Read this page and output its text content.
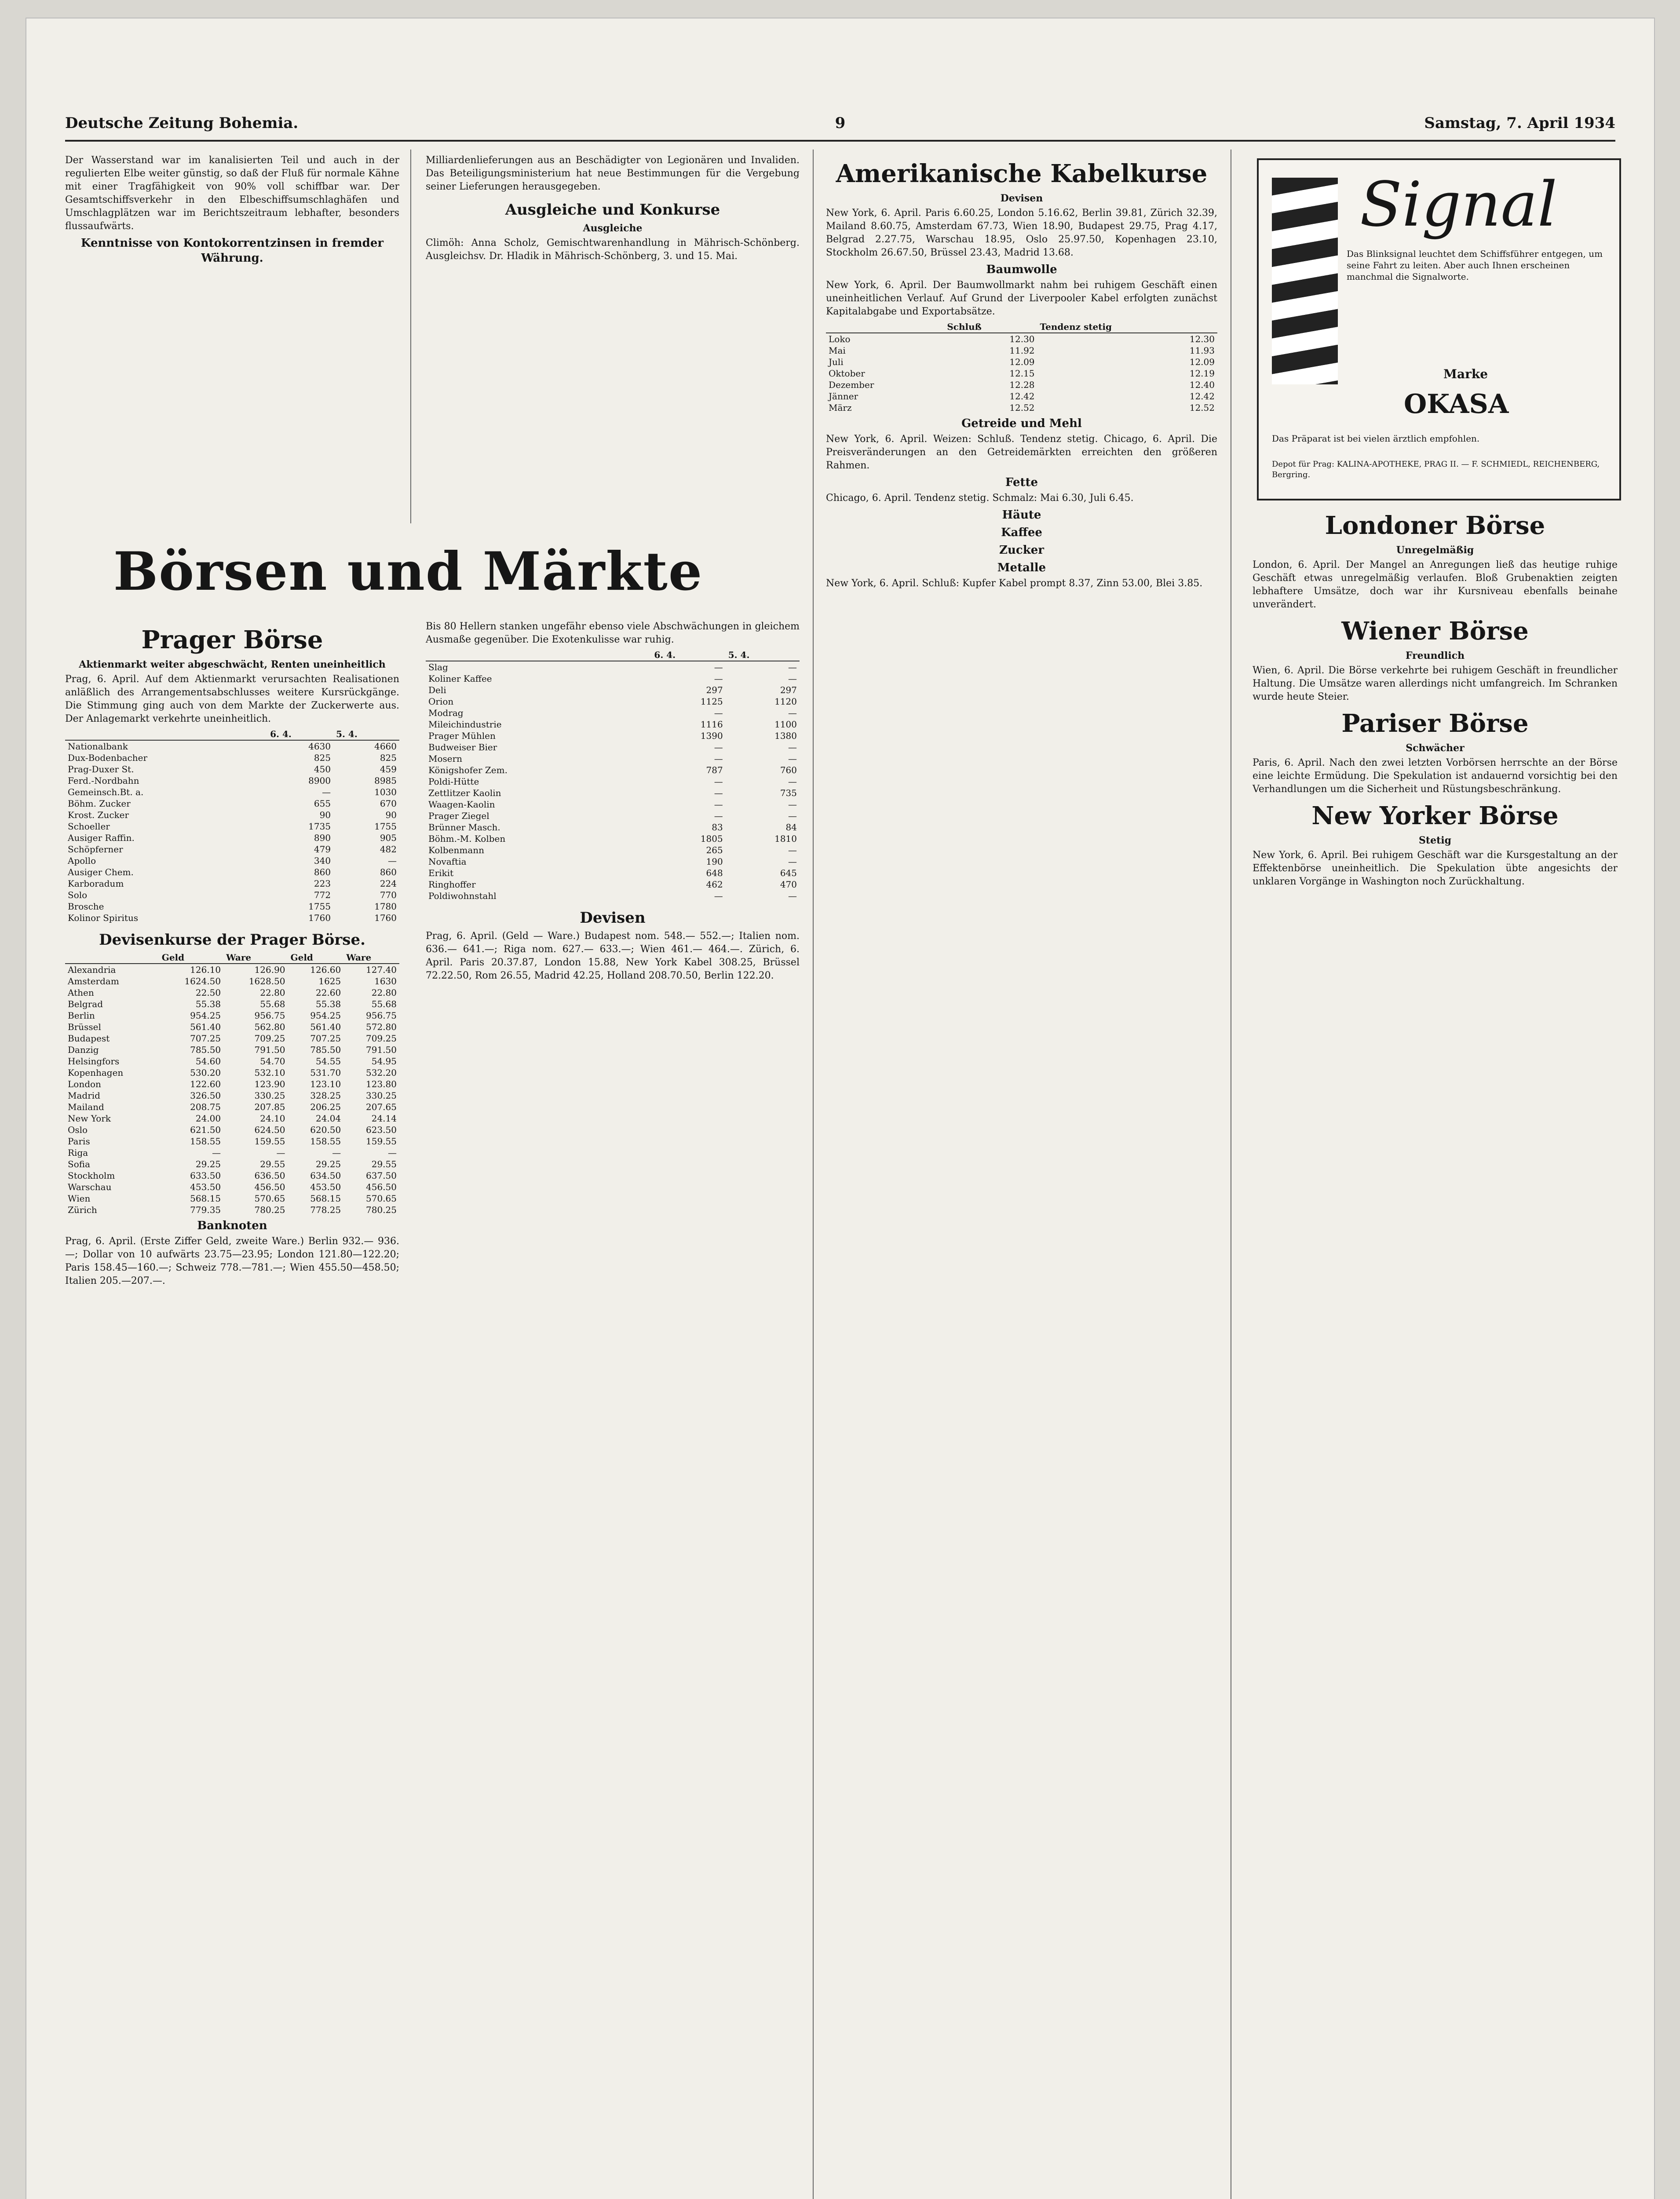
Deutsche Zeitung Bohemia.	9	Samstag, 7. April 1934

Der Wasserstand war im kanalisierten Teil und auch in der regulierten Elbe weiter günstig, so daß der Fluß für normale Kähne mit einer Tragfähigkeit von 90% voll schiffbar war. Der Gesamtschiffsverkehr in den Elbeschiffsumschlaghäfen und Umschlagplätzen war im Berichtszeitraum lebhafter, besonders flussaufwärts.

Kenntnisse von Kontokorrentzinsen in fremder Währung.

Milliardenlieferungen aus an Beschädigter von Legionären und Invaliden. Das Beteiligungsministerium hat neue Bestimmungen für die Vergebung seiner Lieferungen herausgegeben.

Ausgleiche und Konkurse
Ausgleiche

Climöh: Anna Scholz, Gemischtwarenhandlung in Mährisch-Schönberg. Ausgleichsv. Dr. Hladik in Mährisch-Schönberg, 3. und 15. Mai.

Börsen und Märkte
Prager Börse
Aktienmarkt weiter abgeschwächt, Renten uneinheitlich

Prag, 6. April. Auf dem Aktienmarkt verursachten Realisationen anläßlich des Arrangementsabschlusses weitere Kursrückgänge. Die Stimmung ging auch von dem Markte der Zuckerwerte aus. Der Anlagemarkt verkehrte uneinheitlich.

	6. 4.	5. 4.
Nationalbank	4630	4660
Dux-Bodenbacher	825	825
Prag-Duxer St.	450	459
Ferd.-Nordbahn	8900	8985
Gemeinsch.Bt. a.	—	1030
Böhm. Zucker	655	670
Krost. Zucker	90	90
Schoeller	1735	1755
Ausiger Raffin.	890	905
Schöpferner	479	482
Apollo	340	—
Ausiger Chem.	860	860
Karboradum	223	224
Solo	772	770
Brosche	1755	1780
Kolinor Spiritus	1760	1760
Devisenkurse der Prager Börse.
	Geld	Ware	Geld	Ware
Alexandria	126.10	126.90	126.60	127.40
Amsterdam	1624.50	1628.50	1625	1630
Athen	22.50	22.80	22.60	22.80
Belgrad	55.38	55.68	55.38	55.68
Berlin	954.25	956.75	954.25	956.75
Brüssel	561.40	562.80	561.40	572.80
Budapest	707.25	709.25	707.25	709.25
Danzig	785.50	791.50	785.50	791.50
Helsingfors	54.60	54.70	54.55	54.95
Kopenhagen	530.20	532.10	531.70	532.20
London	122.60	123.90	123.10	123.80
Madrid	326.50	330.25	328.25	330.25
Mailand	208.75	207.85	206.25	207.65
New York	24.00	24.10	24.04	24.14
Oslo	621.50	624.50	620.50	623.50
Paris	158.55	159.55	158.55	159.55
Riga	—	—	—	—
Sofia	29.25	29.55	29.25	29.55
Stockholm	633.50	636.50	634.50	637.50
Warschau	453.50	456.50	453.50	456.50
Wien	568.15	570.65	568.15	570.65
Zürich	779.35	780.25	778.25	780.25
Banknoten

Prag, 6. April. (Erste Ziffer Geld, zweite Ware.) Berlin 932.— 936.—; Dollar von 10 aufwärts 23.75—23.95; London 121.80—122.20; Paris 158.45—160.—; Schweiz 778.—781.—; Wien 455.50—458.50; Italien 205.—207.—.

Bis 80 Hellern stanken ungefähr ebenso viele Abschwächungen in gleichem Ausmaße gegenüber. Die Exotenkulisse war ruhig.

	6. 4.	5. 4.
Slag	—	—
Koliner Kaffee	—	—
Deli	297	297
Orion	1125	1120
Modrag	—	—
Mileichindustrie	1116	1100
Prager Mühlen	1390	1380
Budweiser Bier	—	—
Mosern	—	—
Königshofer Zem.	787	760
Poldi-Hütte	—	—
Zettlitzer Kaolin	—	735
Waagen-Kaolin	—	—
Prager Ziegel	—	—
Brünner Masch.	83	84
Böhm.-M. Kolben	1805	1810
Kolbenmann	265	—
Novaftia	190	—
Erikit	648	645
Ringhoffer	462	470
Poldiwohnstahl	—	—
Devisen

Prag, 6. April. (Geld — Ware.) Budapest nom. 548.— 552.—; Italien nom. 636.— 641.—; Riga nom. 627.— 633.—; Wien 461.— 464.—. Zürich, 6. April. Paris 20.37.87, London 15.88, New York Kabel 308.25, Brüssel 72.22.50, Rom 26.55, Madrid 42.25, Holland 208.70.50, Berlin 122.20.

Amerikanische Kabelkurse
Devisen

New York, 6. April. Paris 6.60.25, London 5.16.62, Berlin 39.81, Zürich 32.39, Mailand 8.60.75, Amsterdam 67.73, Wien 18.90, Budapest 29.75, Prag 4.17, Belgrad 2.27.75, Warschau 18.95, Oslo 25.97.50, Kopenhagen 23.10, Stockholm 26.67.50, Brüssel 23.43, Madrid 13.68.

Baumwolle

New York, 6. April. Der Baumwollmarkt nahm bei ruhigem Geschäft einen uneinheitlichen Verlauf. Auf Grund der Liverpooler Kabel erfolgten zunächst Kapitalabgabe und Exportabsätze.

	Schluß	Tendenz stetig
Loko	12.30	12.30
Mai	11.92	11.93
Juli	12.09	12.09
Oktober	12.15	12.19
Dezember	12.28	12.40
Jänner	12.42	12.42
März	12.52	12.52
Getreide und Mehl

New York, 6. April. Weizen: Schluß. Tendenz stetig. Chicago, 6. April. Die Preisveränderungen an den Getreidemärkten erreichten den größeren Rahmen.

Fette

Chicago, 6. April. Tendenz stetig. Schmalz: Mai 6.30, Juli 6.45.

Häute
Kaffee
Zucker
Metalle

New York, 6. April. Schluß: Kupfer Kabel prompt 8.37, Zinn 53.00, Blei 3.85.

Signal
Das Blinksignal leuchtet dem Schiffsführer entgegen, um seine Fahrt zu leiten. Aber auch Ihnen erscheinen manchmal die Signalworte.
Marke
OKASA
Das Präparat ist bei vielen ärztlich empfohlen.
Depot für Prag: KALINA-APOTHEKE, PRAG II. — F. SCHMIEDL, REICHENBERG, Bergring.
Londoner Börse
Unregelmäßig

London, 6. April. Der Mangel an Anregungen ließ das heutige ruhige Geschäft etwas unregelmäßig verlaufen. Bloß Grubenaktien zeigten lebhaftere Umsätze, doch war ihr Kursniveau ebenfalls beinahe unverändert.

Wiener Börse
Freundlich

Wien, 6. April. Die Börse verkehrte bei ruhigem Geschäft in freundlicher Haltung. Die Umsätze waren allerdings nicht umfangreich. Im Schranken wurde heute Steier.

Pariser Börse
Schwächer

Paris, 6. April. Nach den zwei letzten Vorbörsen herrschte an der Börse eine leichte Ermüdung. Die Spekulation ist andauernd vorsichtig bei den Verhandlungen um die Sicherheit und Rüstungsbeschränkung.

New Yorker Börse
Stetig

New York, 6. April. Bei ruhigem Geschäft war die Kursgestaltung an der Effektenbörse uneinheitlich. Die Spekulation übte angesichts der unklaren Vorgänge in Washington noch Zurückhaltung.
